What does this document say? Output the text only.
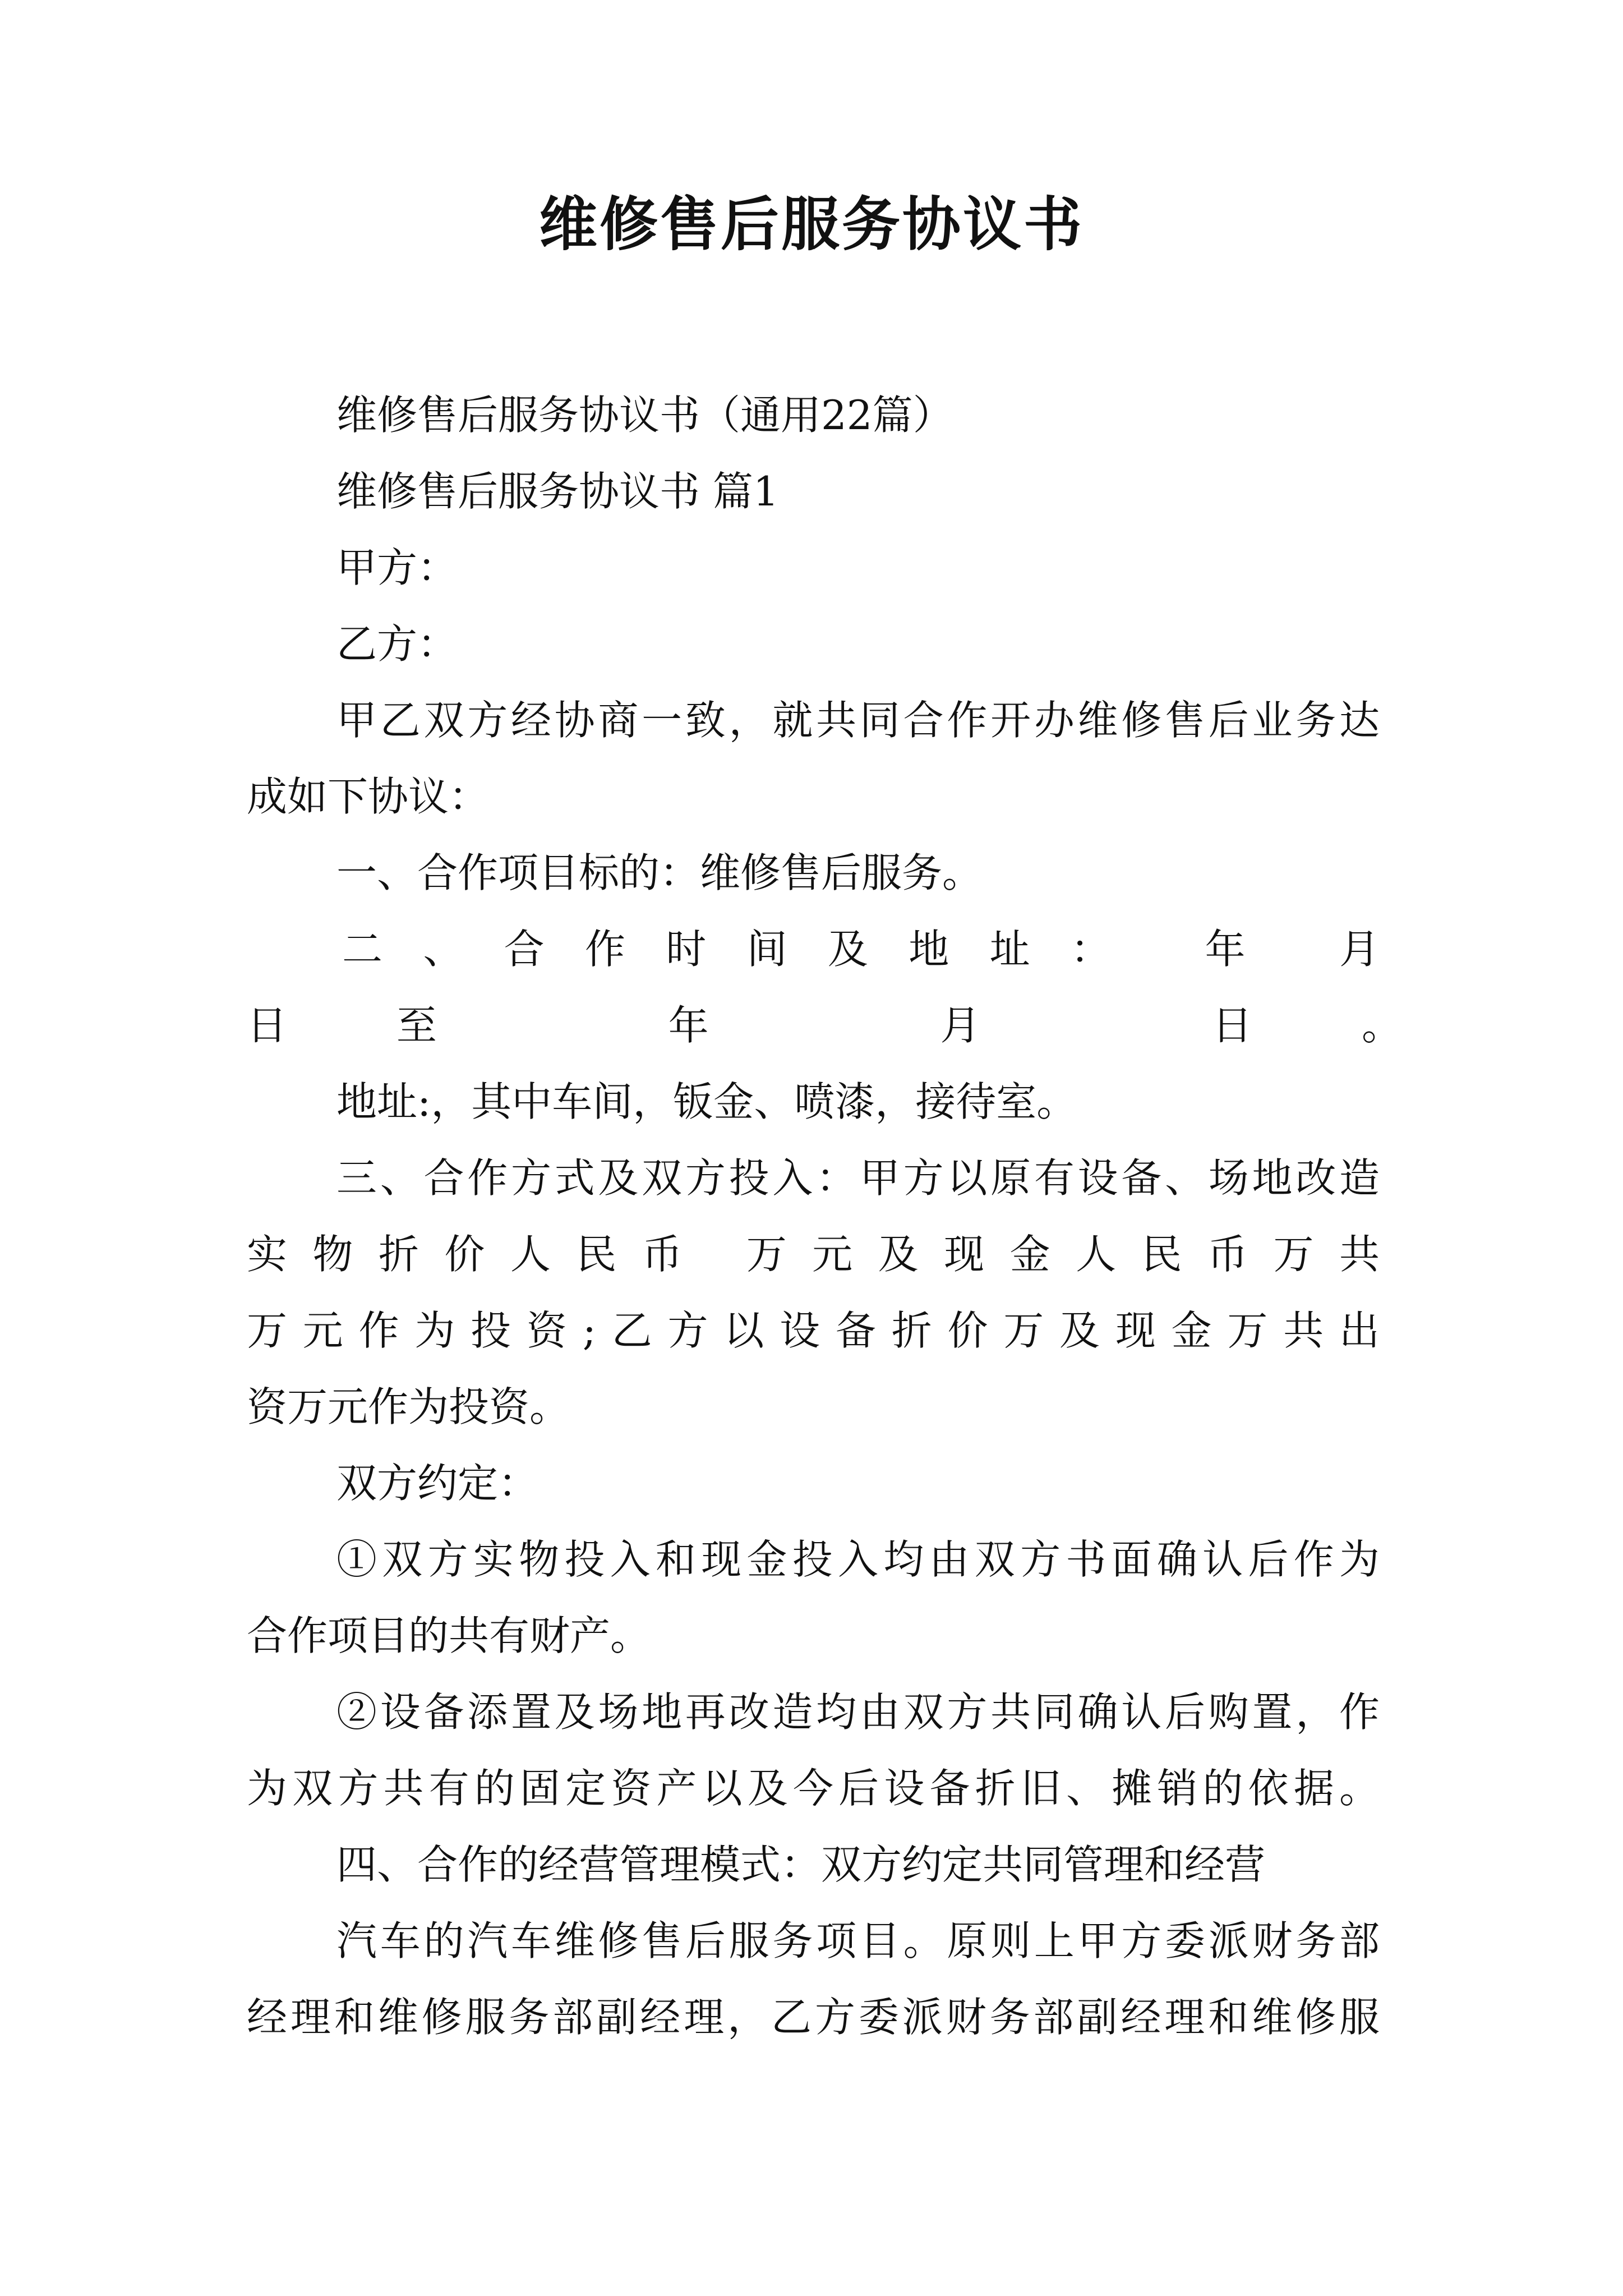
维修售后服务协议书
维修售后服务协议书（通用22篇）
维修售后服务协议书 篇1
甲方：
乙方：
甲乙双方经协商一致，就共同合作开办维修售后业务达
成如下协议：
一、合作项目标的：维修售后服务。
二、合作时间及地址： 年 月
日至	年	月	日。
地址:，其中车间，钣金、喷漆，接待室。
三、合作方式及双方投入：甲方以原有设备、场地改造
实物折价人民币 万元及现金人民币万共
万元作为投资;乙方以设备折价万及现金万共出
资万元作为投资。
双方约定：
①双方实物投入和现金投入均由双方书面确认后作为
合作项目的共有财产。
②设备添置及场地再改造均由双方共同确认后购置，作
为双方共有的固定资产以及今后设备折旧、摊销的依据。
四、合作的经营管理模式：双方约定共同管理和经营
汽车的汽车维修售后服务项目。原则上甲方委派财务部
经理和维修服务部副经理，乙方委派财务部副经理和维修服
